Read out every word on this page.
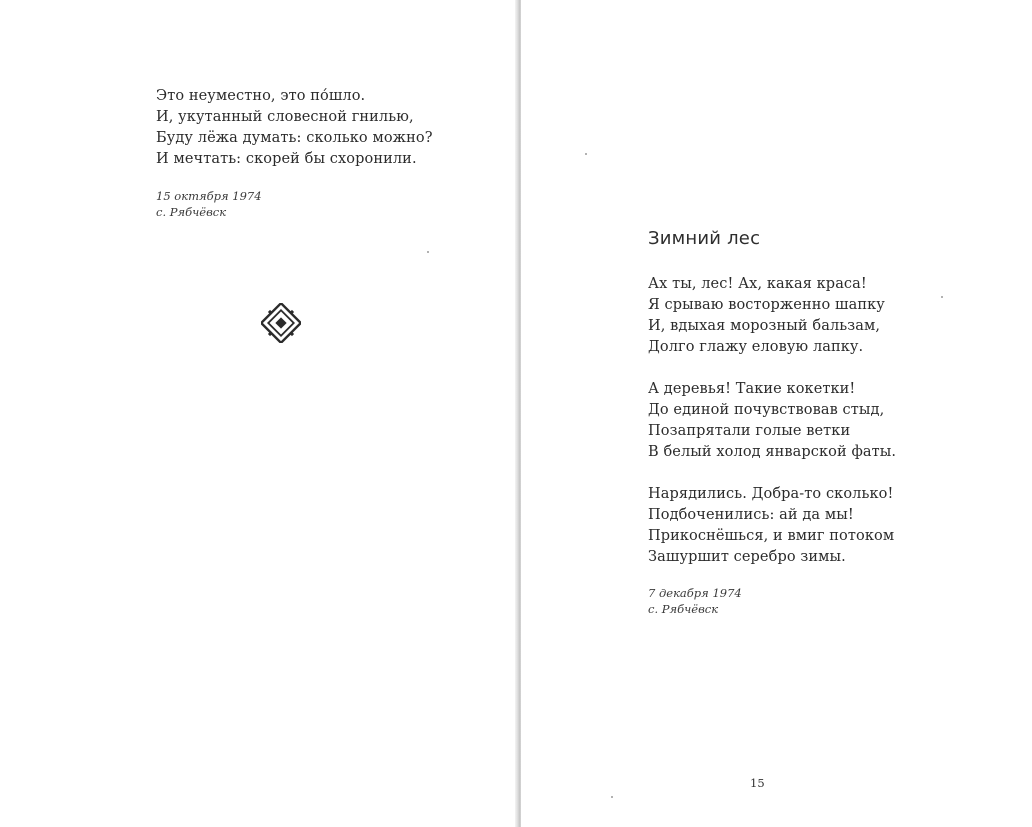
Это неуместно, это по́шло.
И, укутанный словесной гнилью,
Буду лёжа думать: сколько можно?
И мечтать: скорей бы схоронили.
15 октября 1974
с. Рябчёвск
Зимний лес
Ах ты, лес! Ах, какая краса!
Я срываю восторженно шапку
И, вдыхая морозный бальзам,
Долго глажу еловую лапку.
А деревья! Такие кокетки!
До единой почувствовав стыд,
Позапрятали голые ветки
В белый холод январской фаты.
Нарядились. Добра-то сколько!
Подбоченились: ай да мы!
Прикоснёшься, и вмиг потоком
Зашуршит серебро зимы.
7 декабря 1974
с. Рябчёвск
15
